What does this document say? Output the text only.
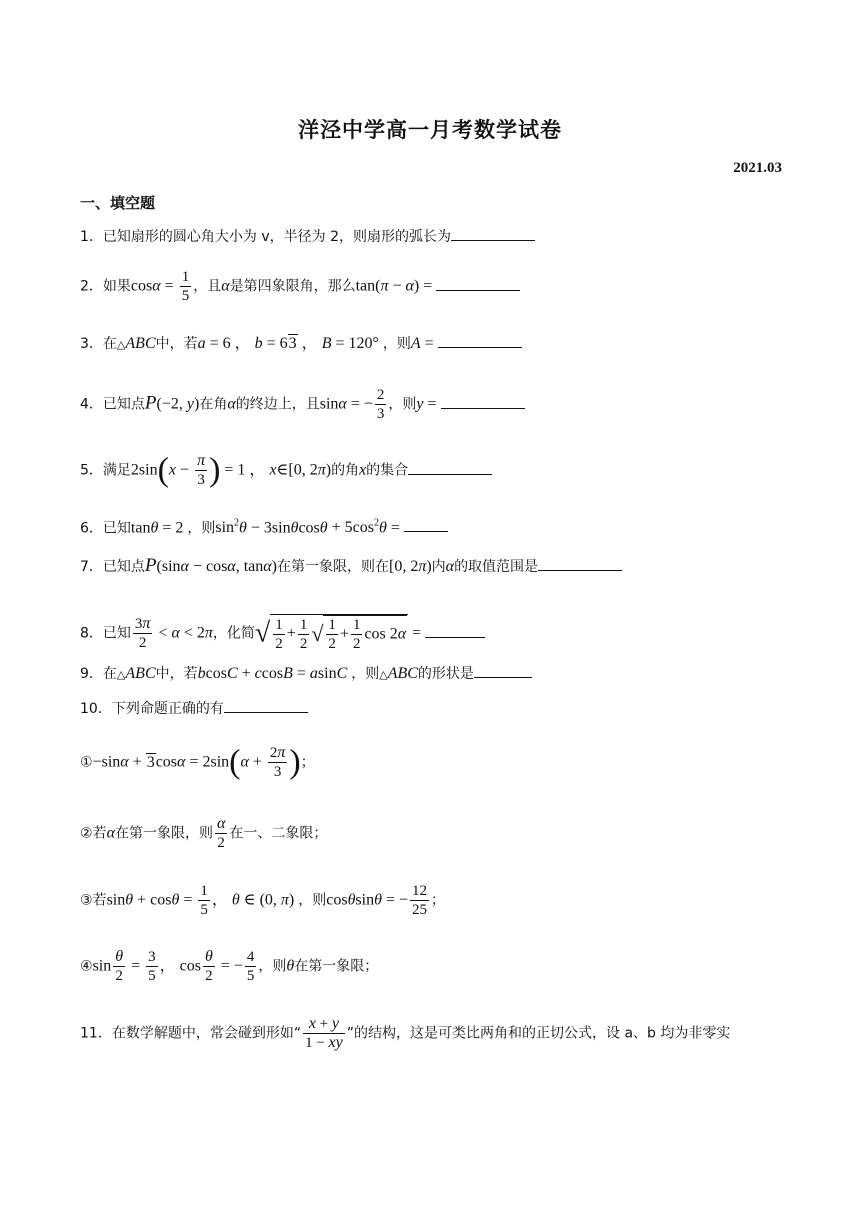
洋泾中学高一月考数学试卷
2021.03
一、填空题
1．已知扇形的圆心角大小为 v，半径为 2，则扇形的弧长为
2．如果$\cos\alpha = \frac{1}{5}$ ，且α是第四象限角，那么tan(π − α) =
3．在△ABC中，若a = 6 ， b = 63 ， B = 120° ，则A =
4．已知点P(−2, y)在角α的终边上，且sinα = − $\frac{2}{3}$ ，则y =
5．满足$2\sin(x - \frac{\pi}{3}$ ) = 1 ， x∈[0, 2π)的角x的集合
6．已知tanθ = 2 ，则$\sin^2\theta - 3\sin\theta\cos\theta + 5\cos^2\theta$ =
7．已知点P(sinα − cosα, tanα)在第一象限，则在[0, 2π)内α的取值范围是
8．已知 $\frac{3\pi}{2} < \alpha < 2\pi$，化简√ $\frac{1}{2} + \frac{1}{2}$ √ $\frac{1}{2} + \frac{1}{2}$ cos 2α =
9．在△ABC中，若bcosC + ccosB = asinC ，则△ABC的形状是
10．下列命题正确的有
①−sinα + $3\cos\alpha = 2\sin(\alpha + \frac{2\pi}{3}$ )；
②若α在第一象限，则 $\frac{\alpha}{2}$ 在一、二象限；
③若$\sin\theta + \cos\theta = \frac{1}{5}$ ， θ ∈ (0, π) ，则cosθsinθ = − $\frac{12}{25}$ ；
④sin $\frac{\theta}{2} = \frac{3}{5}$ ， $\cos \frac{\theta}{2}$ = − $\frac{4}{5}$ ，则θ在第一象限；
11．在数学解题中，常会碰到形如“ $\frac{x + y}{1 - xy}$ ”的结构，这是可类比两角和的正切公式，设 a、b 均为非零实
